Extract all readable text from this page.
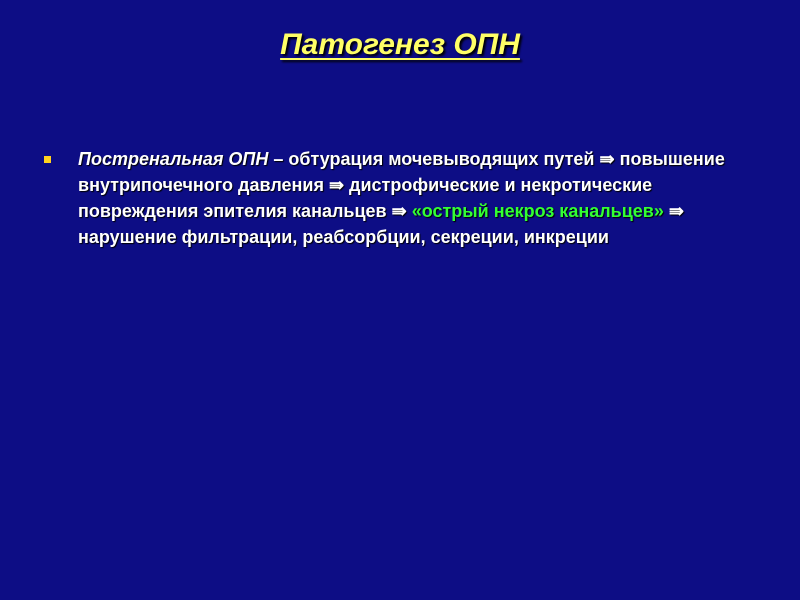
Патогенез ОПН
Постренальная ОПН – обтурация мочевыводящих путей ⇛ повышение внутрипочечного давления ⇛ дистрофические и некротические повреждения эпителия канальцев ⇛ «острый некроз канальцев» ⇛ нарушение фильтрации, реабсорбции, секреции, инкреции
